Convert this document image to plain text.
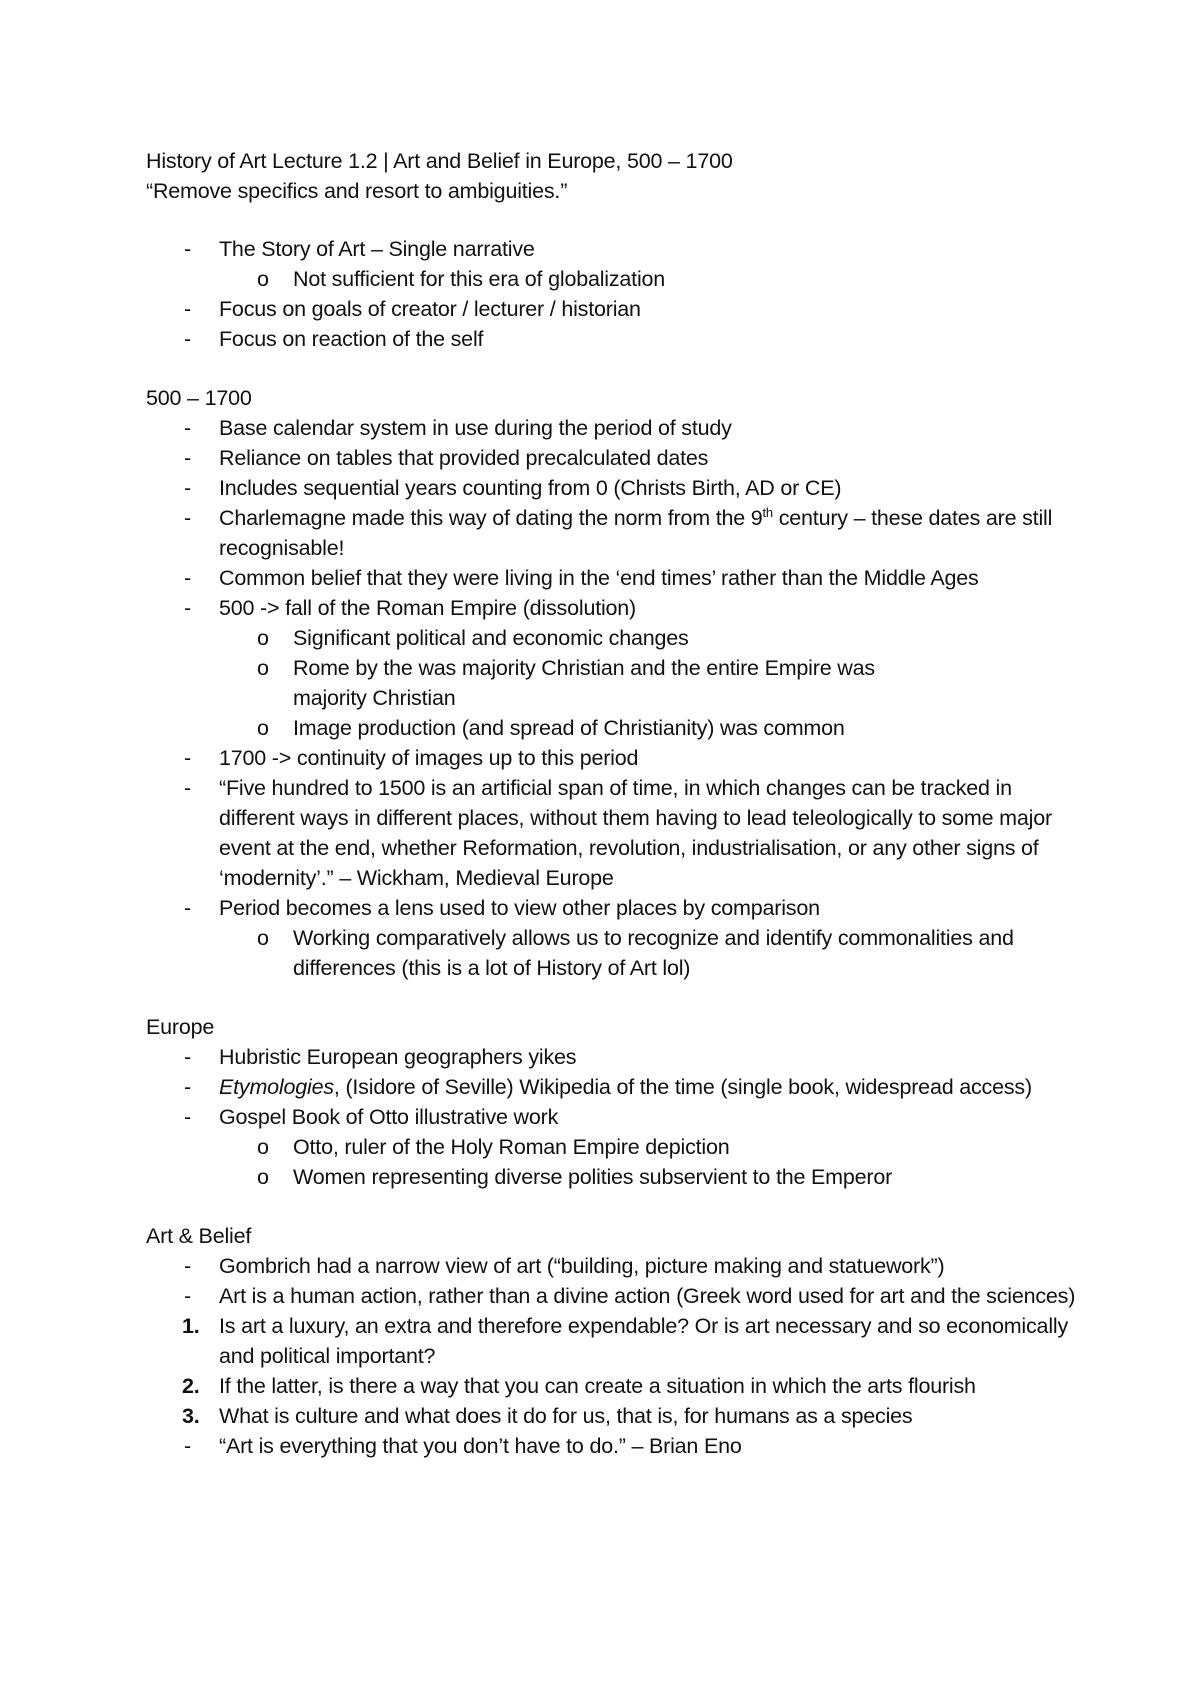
History of Art Lecture 1.2 | Art and Belief in Europe, 500 – 1700

“Remove specifics and resort to ambiguities.”

- The Story of Art – Single narrative
o Not sufficient for this era of globalization
- Focus on goals of creator / lecturer / historian
- Focus on reaction of the self

500 – 1700

- Base calendar system in use during the period of study
- Reliance on tables that provided precalculated dates
- Includes sequential years counting from 0 (Christs Birth, AD or CE)
- Charlemagne made this way of dating the norm from the 9th century – these dates are still recognisable!
- Common belief that they were living in the ‘end times’ rather than the Middle Ages
- 500 -> fall of the Roman Empire (dissolution)
o Significant political and economic changes
o Rome by the was majority Christian and the entire Empire was majority Christian
o Image production (and spread of Christianity) was common
- 1700 -> continuity of images up to this period
- “Five hundred to 1500 is an artificial span of time, in which changes can be tracked in different ways in different places, without them having to lead teleologically to some major event at the end, whether Reformation, revolution, industrialisation, or any other signs of ‘modernity’.” – Wickham, Medieval Europe
- Period becomes a lens used to view other places by comparison
o Working comparatively allows us to recognize and identify commonalities and differences (this is a lot of History of Art lol)

Europe

- Hubristic European geographers yikes
- Etymologies, (Isidore of Seville) Wikipedia of the time (single book, widespread access)
- Gospel Book of Otto illustrative work
o Otto, ruler of the Holy Roman Empire depiction
o Women representing diverse polities subservient to the Emperor

Art & Belief

- Gombrich had a narrow view of art (“building, picture making and statuework”)
- Art is a human action, rather than a divine action (Greek word used for art and the sciences)
1. Is art a luxury, an extra and therefore expendable? Or is art necessary and so economically and political important?
2. If the latter, is there a way that you can create a situation in which the arts flourish
3. What is culture and what does it do for us, that is, for humans as a species
- “Art is everything that you don’t have to do.” – Brian Eno
